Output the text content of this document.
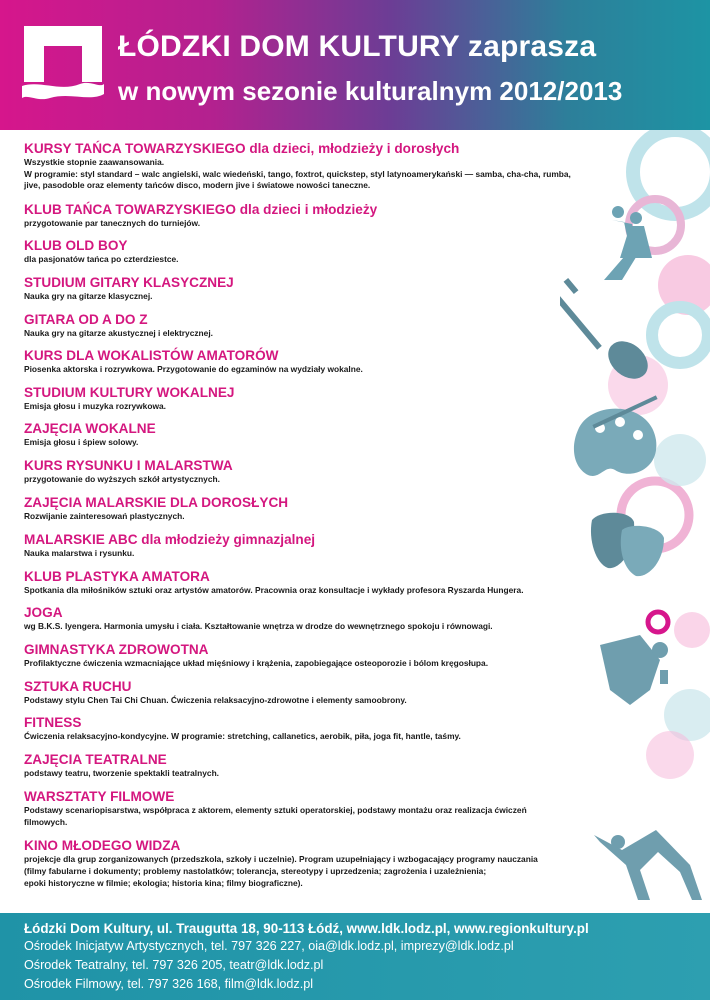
ŁÓDZKI DOM KULTURY zaprasza
w nowym sezonie kulturalnym 2012/2013
KURSY TAŃCA TOWARZYSKIEGO dla dzieci, młodzieży i dorosłych
Wszystkie stopnie zaawansowania.
W programie: styl standard – walc angielski, walc wiedeński, tango, foxtrot, quickstep, styl latynoamerykański — samba, cha-cha, rumba,
jive, pasodoble oraz elementy tańców disco, modern jive i światowe nowości taneczne.
KLUB TAŃCA TOWARZYSKIEGO dla dzieci i młodzieży
przygotowanie par tanecznych do turniejów.
KLUB OLD BOY
dla pasjonatów tańca po czterdziestce.
STUDIUM GITARY KLASYCZNEJ
Nauka gry na gitarze klasycznej.
GITARA OD A DO Z
Nauka gry na gitarze akustycznej i elektrycznej.
KURS DLA WOKALISTÓW AMATORÓW
Piosenka aktorska i rozrywkowa. Przygotowanie do egzaminów na wydziały wokalne.
STUDIUM KULTURY WOKALNEJ
Emisja głosu i muzyka rozrywkowa.
ZAJĘCIA WOKALNE
Emisja głosu i śpiew solowy.
KURS RYSUNKU I MALARSTWA
przygotowanie do wyższych szkół artystycznych.
ZAJĘCIA MALARSKIE DLA DOROSŁYCH
Rozwijanie zainteresowań plastycznych.
MALARSKIE ABC dla młodzieży gimnazjalnej
Nauka malarstwa i rysunku.
KLUB PLASTYKA AMATORA
Spotkania dla miłośników sztuki oraz artystów amatorów. Pracownia oraz konsultacje i wykłady profesora Ryszarda Hungera.
JOGA
wg B.K.S. Iyengera. Harmonia umysłu i ciała. Kształtowanie wnętrza w drodze do wewnętrznego spokoju i równowagi.
GIMNASTYKA ZDROWOTNA
Profilaktyczne ćwiczenia wzmacniające układ mięśniowy i krążenia, zapobiegające osteoporozie i bólom kręgosłupa.
SZTUKA RUCHU
Podstawy stylu Chen Tai Chi Chuan. Ćwiczenia relaksacyjno-zdrowotne i elementy samoobrony.
FITNESS
Ćwiczenia relaksacyjno-kondycyjne. W programie: stretching, callanetics, aerobik, piła, joga fit, hantle, taśmy.
ZAJĘCIA TEATRALNE
podstawy teatru, tworzenie spektakli teatralnych.
WARSZTATY FILMOWE
Podstawy scenariopisarstwa, współpraca z aktorem, elementy sztuki operatorskiej, podstawy montażu oraz realizacja ćwiczeń
filmowych.
KINO MŁODEGO WIDZA
projekcje dla grup zorganizowanych (przedszkola, szkoły i uczelnie). Program uzupełniający i wzbogacający programy nauczania
(filmy fabularne i dokumenty; problemy nastolatków; tolerancja, stereotypy i uprzedzenia; zagrożenia i uzależnienia;
epoki historyczne w filmie; ekologia; historia kina; filmy biograficzne).
Łódzki Dom Kultury, ul. Traugutta 18, 90-113 Łódź, www.ldk.lodz.pl, www.regionkultury.pl
Ośrodek Inicjatyw Artystycznych, tel. 797 326 227, oia@ldk.lodz.pl, imprezy@ldk.lodz.pl
Ośrodek Teatralny, tel. 797 326 205, teatr@ldk.lodz.pl
Ośrodek Filmowy, tel. 797 326 168, film@ldk.lodz.pl
